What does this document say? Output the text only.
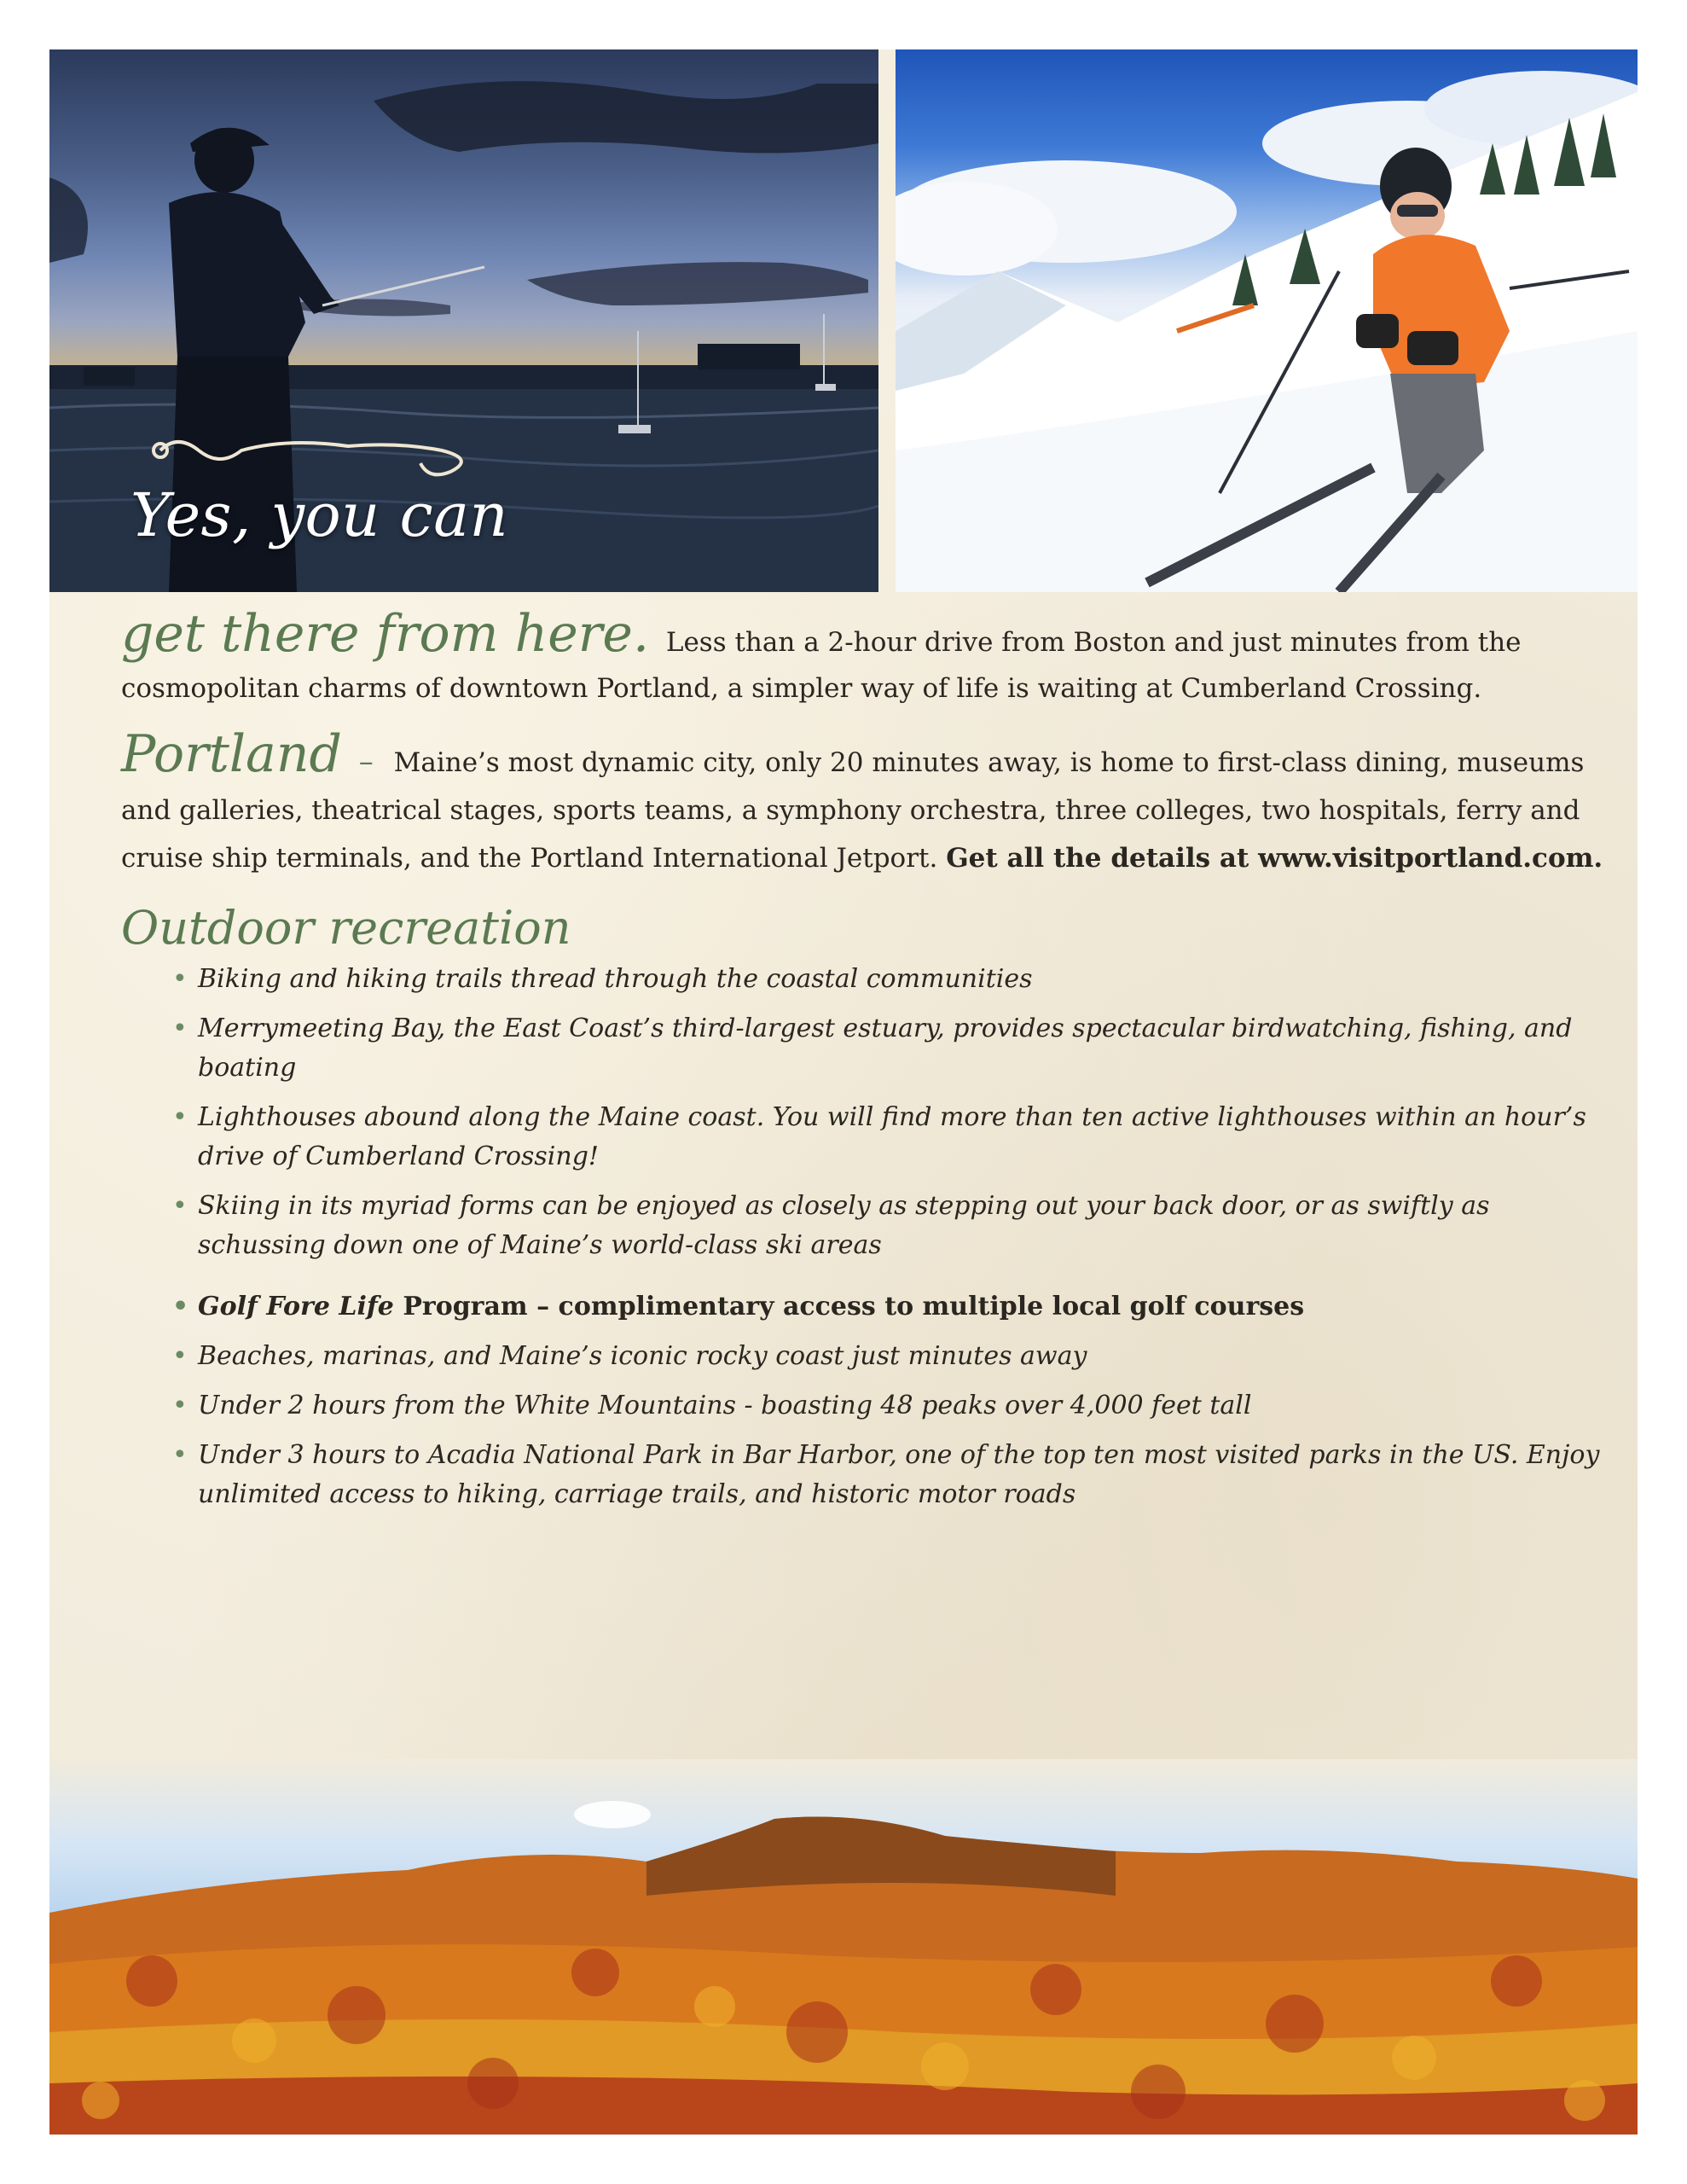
Yes, you can

get there from here. Less than a 2-hour drive from Boston and just minutes from the cosmopolitan charms of downtown Portland, a simpler way of life is waiting at Cumberland Crossing.

Portland – Maine’s most dynamic city, only 20 minutes away, is home to first-class dining, museums and galleries, theatrical stages, sports teams, a symphony orchestra, three colleges, two hospitals, ferry and cruise ship terminals, and the Portland International Jetport. Get all the details at www.visitportland.com.

Outdoor recreation
• Biking and hiking trails thread through the coastal communities
• Merrymeeting Bay, the East Coast’s third-largest estuary, provides spectacular birdwatching, fishing, and boating
• Lighthouses abound along the Maine coast. You will find more than ten active lighthouses within an hour’s drive of Cumberland Crossing!
• Skiing in its myriad forms can be enjoyed as closely as stepping out your back door, or as swiftly as schussing down one of Maine’s world-class ski areas
• Golf Fore Life Program – complimentary access to multiple local golf courses
• Beaches, marinas, and Maine’s iconic rocky coast just minutes away
• Under 2 hours from the White Mountains - boasting 48 peaks over 4,000 feet tall
• Under 3 hours to Acadia National Park in Bar Harbor, one of the top ten most visited parks in the US. Enjoy unlimited access to hiking, carriage trails, and historic motor roads
